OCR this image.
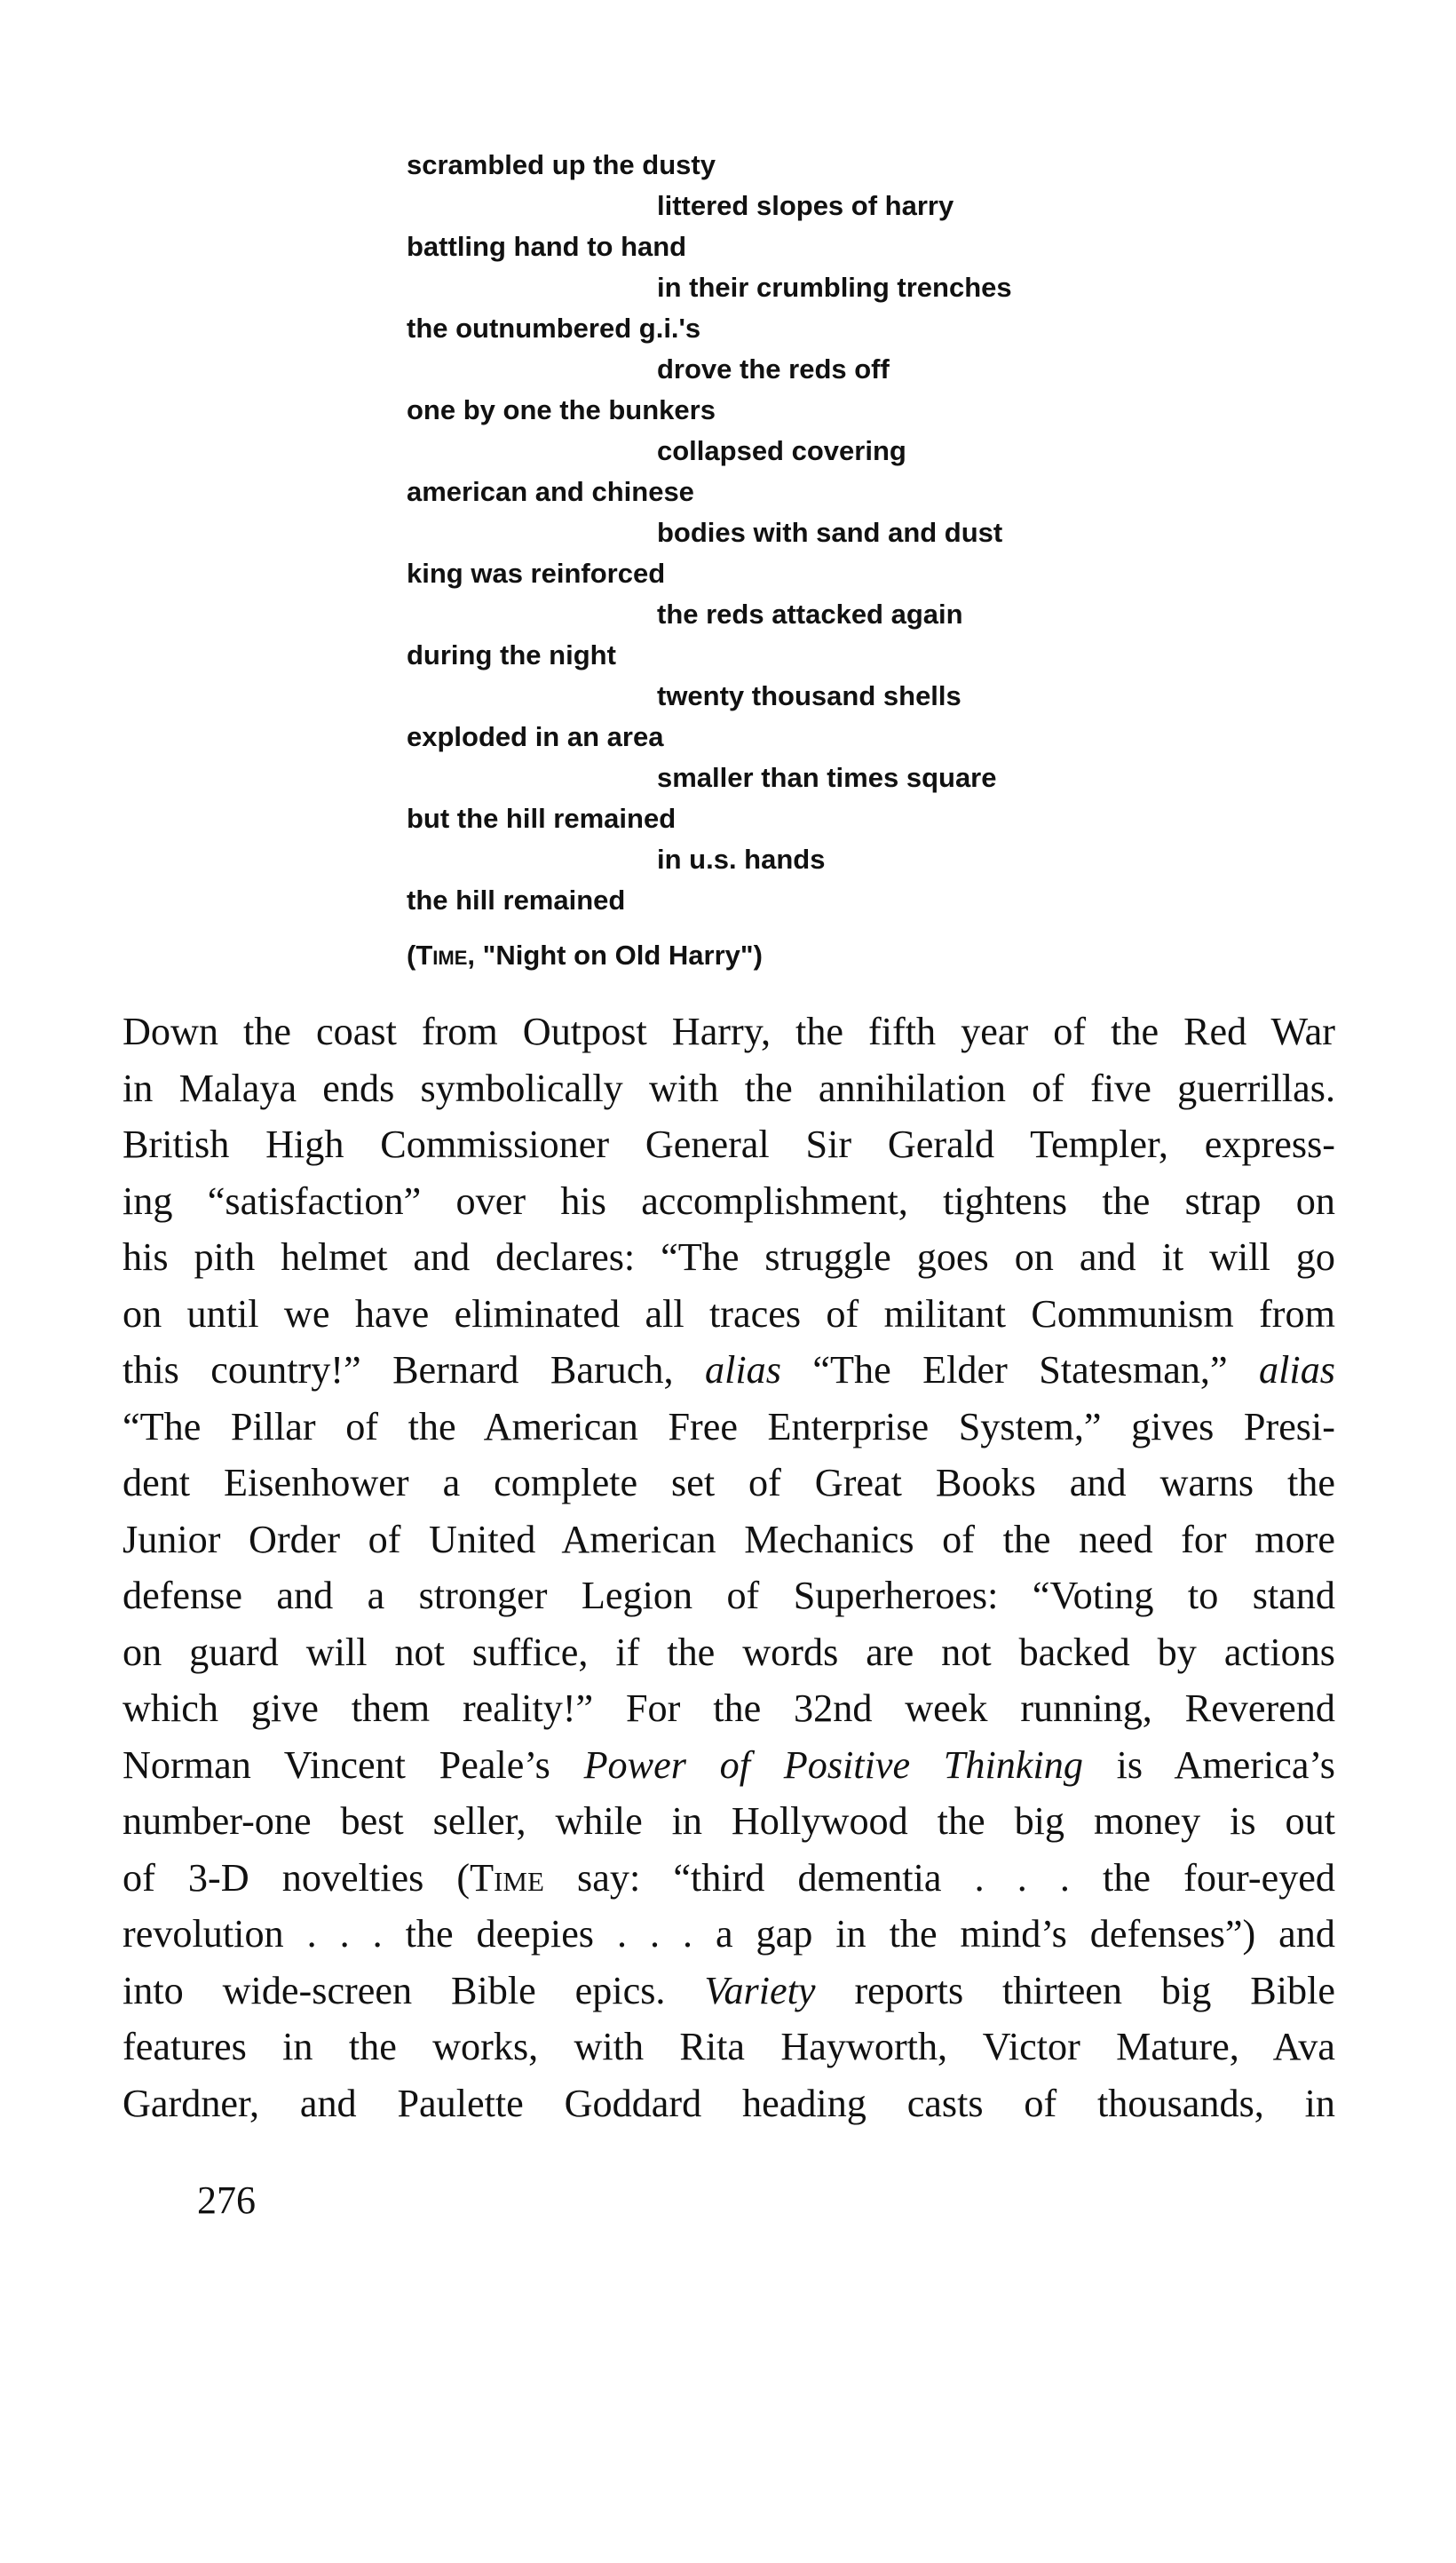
scrambled up the dusty
littered slopes of harry
battling hand to hand
in their crumbling trenches
the outnumbered g.i.'s
drove the reds off
one by one the bunkers
collapsed covering
american and chinese
bodies with sand and dust
king was reinforced
the reds attacked again
during the night
twenty thousand shells
exploded in an area
smaller than times square
but the hill remained
in u.s. hands
the hill remained
(Time, "Night on Old Harry")
Down the coast from Outpost Harry, the fifth year of the Red War
in Malaya ends symbolically with the annihilation of five guerrillas.
British High Commissioner General Sir Gerald Templer, express-
ing “satisfaction” over his accomplishment, tightens the strap on
his pith helmet and declares: “The struggle goes on and it will go
on until we have eliminated all traces of militant Communism from
this country!” Bernard Baruch, alias “The Elder Statesman,” alias
“The Pillar of the American Free Enterprise System,” gives Presi-
dent Eisenhower a complete set of Great Books and warns the
Junior Order of United American Mechanics of the need for more
defense and a stronger Legion of Superheroes: “Voting to stand
on guard will not suffice, if the words are not backed by actions
which give them reality!” For the 32nd week running, Reverend
Norman Vincent Peale’s Power of Positive Thinking is America’s
number-one best seller, while in Hollywood the big money is out
of 3-D novelties (Time say: “third dementia . . . the four-eyed
revolution . . . the deepies . . . a gap in the mind’s defenses”) and
into wide-screen Bible epics. Variety reports thirteen big Bible
features in the works, with Rita Hayworth, Victor Mature, Ava
Gardner, and Paulette Goddard heading casts of thousands, in
276
